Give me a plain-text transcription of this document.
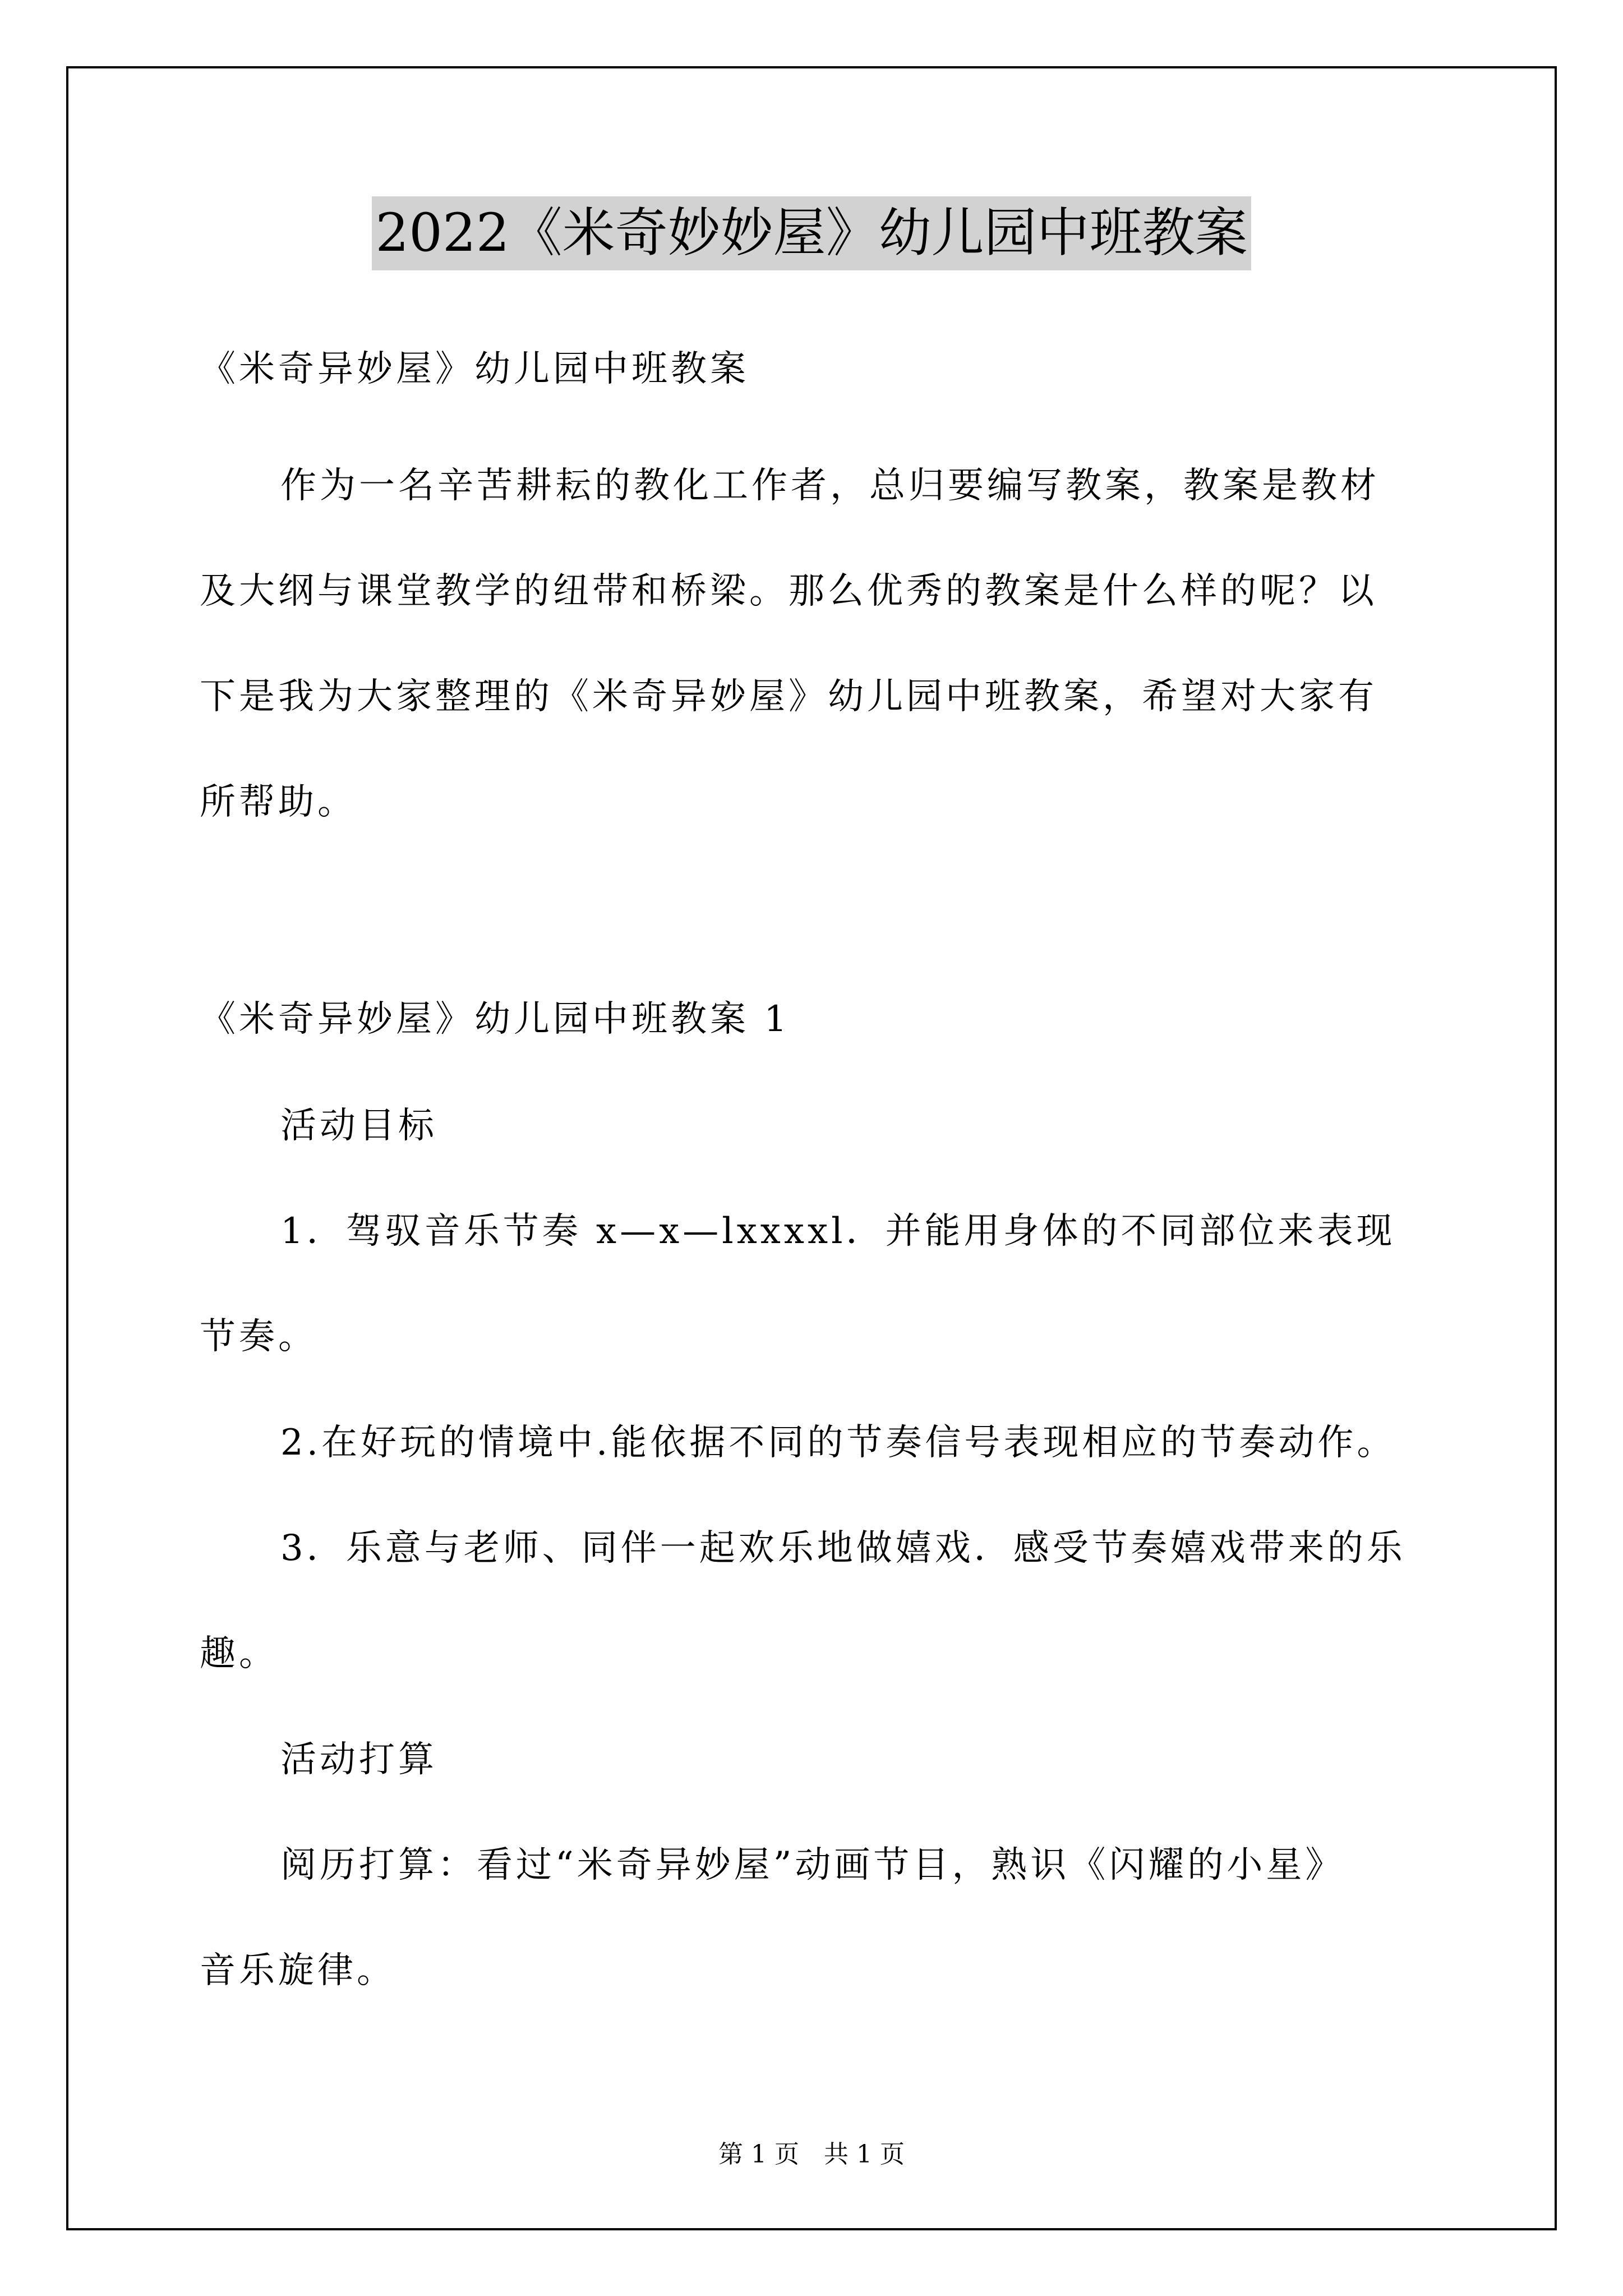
2022《米奇妙妙屋》幼儿园中班教案
《米奇异妙屋》幼儿园中班教案
作为一名辛苦耕耘的教化工作者，总归要编写教案，教案是教材
及大纲与课堂教学的纽带和桥梁。那么优秀的教案是什么样的呢？以
下是我为大家整理的《米奇异妙屋》幼儿园中班教案，希望对大家有
所帮助。
《米奇异妙屋》幼儿园中班教案 1
活动目标
1．驾驭音乐节奏 x—x—lxxxxl．并能用身体的不同部位来表现
节奏。
2.在好玩的情境中.能依据不同的节奏信号表现相应的节奏动作。
3．乐意与老师、同伴一起欢乐地做嬉戏．感受节奏嬉戏带来的乐
趣。
活动打算
阅历打算：看过“米奇异妙屋”动画节目，熟识《闪耀的小星》
音乐旋律。
第 1 页　共 1 页
